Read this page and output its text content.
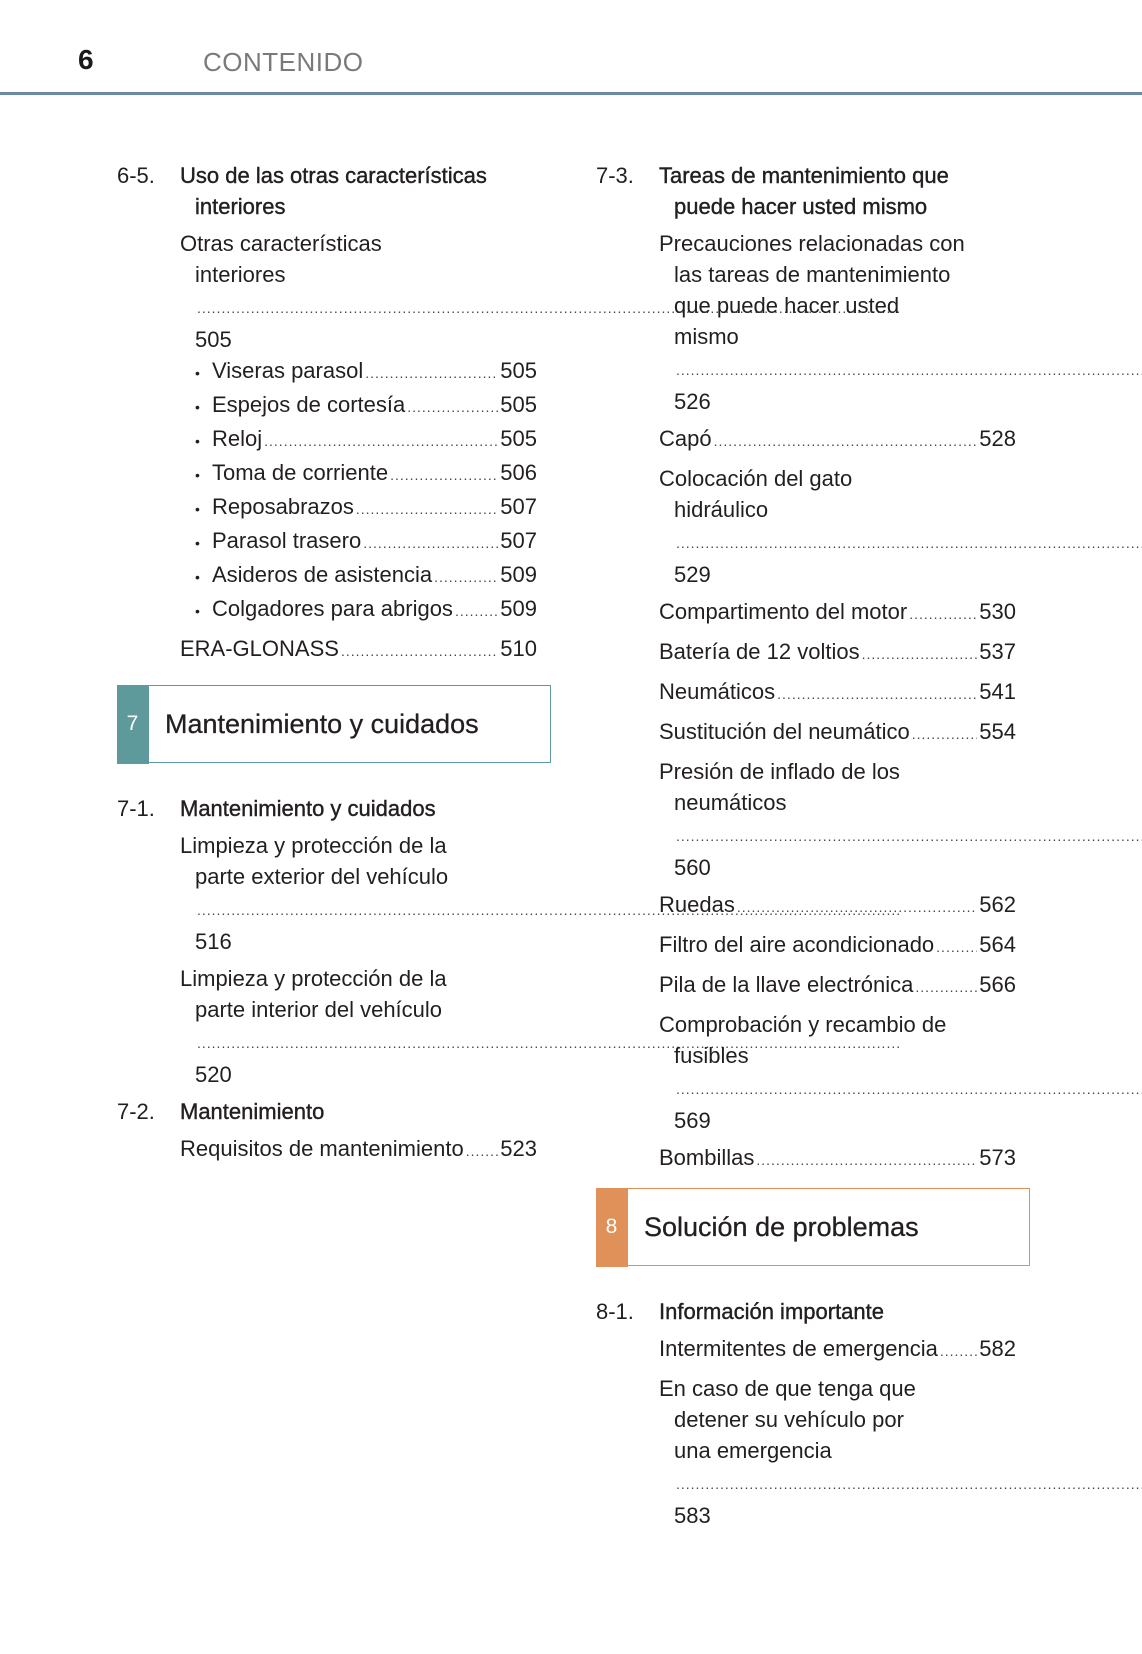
6	CONTENIDO
6-5.	Uso de las otras características
interiores
Otras características
interiores ..... 505
• Viseras parasol .....	505
• Espejos de cortesía .....	505
• Reloj .....	505
• Toma de corriente .....	506
• Reposabrazos .....	507
• Parasol trasero .....	507
• Asideros de asistencia .....	509
• Colgadores para abrigos ..... 509
ERA-GLONASS .....	510
7 Mantenimiento y cuidados
7-1.	Mantenimiento y cuidados
Limpieza y protección de la
parte exterior del vehículo ..... 516
Limpieza y protección de la
parte interior del vehículo ..... 520
7-2.	Mantenimiento
Requisitos de mantenimiento ..... 523
7-3.	Tareas de mantenimiento que
puede hacer usted mismo
Precauciones relacionadas con
las tareas de mantenimiento
que puede hacer usted
mismo ..... 526
Capó .....	528
Colocación del gato
hidráulico ..... 529
Compartimento del motor .....	530
Batería de 12 voltios .....	537
Neumáticos .....	541
Sustitución del neumático .....	554
Presión de inflado de los
neumáticos ..... 560
Ruedas .....	562
Filtro del aire acondicionado ..... 564
Pila de la llave electrónica .....	566
Comprobación y recambio de
fusibles ..... 569
Bombillas .....	573
8 Solución de problemas
8-1.	Información importante
Intermitentes de emergencia ..... 582
En caso de que tenga que
detener su vehículo por
una emergencia ..... 583
